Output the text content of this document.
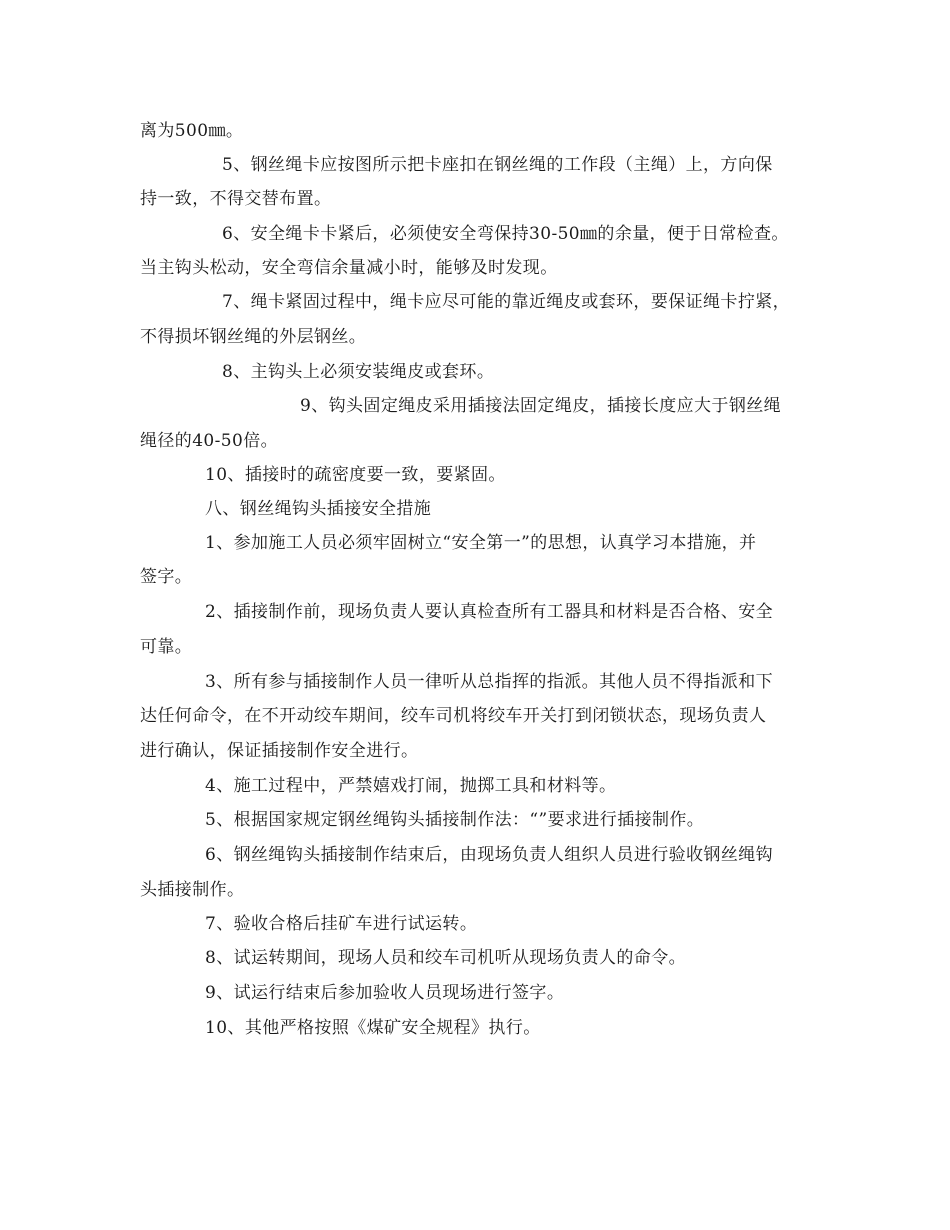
离为500㎜。
5、钢丝绳卡应按图所示把卡座扣在钢丝绳的工作段（主绳）上，方向保
持一致，不得交替布置。
6、安全绳卡卡紧后，必须使安全弯保持30-50㎜的余量，便于日常检查。
当主钩头松动，安全弯信余量减小时，能够及时发现。
7、绳卡紧固过程中，绳卡应尽可能的靠近绳皮或套环，要保证绳卡拧紧，
不得损坏钢丝绳的外层钢丝。
8、主钩头上必须安装绳皮或套环。
9、钩头固定绳皮采用插接法固定绳皮，插接长度应大于钢丝绳
绳径的40-50倍。
10、插接时的疏密度要一致，要紧固。
八、钢丝绳钩头插接安全措施
1、参加施工人员必须牢固树立“安全第一”的思想，认真学习本措施，并
签字。
2、插接制作前，现场负责人要认真检查所有工器具和材料是否合格、安全
可靠。
3、所有参与插接制作人员一律听从总指挥的指派。其他人员不得指派和下
达任何命令，在不开动绞车期间，绞车司机将绞车开关打到闭锁状态，现场负责人
进行确认，保证插接制作安全进行。
4、施工过程中，严禁嬉戏打闹，抛掷工具和材料等。
5、根据国家规定钢丝绳钩头插接制作法：“”要求进行插接制作。
6、钢丝绳钩头插接制作结束后，由现场负责人组织人员进行验收钢丝绳钩
头插接制作。
7、验收合格后挂矿车进行试运转。
8、试运转期间，现场人员和绞车司机听从现场负责人的命令。
9、试运行结束后参加验收人员现场进行签字。
10、其他严格按照《煤矿安全规程》执行。
